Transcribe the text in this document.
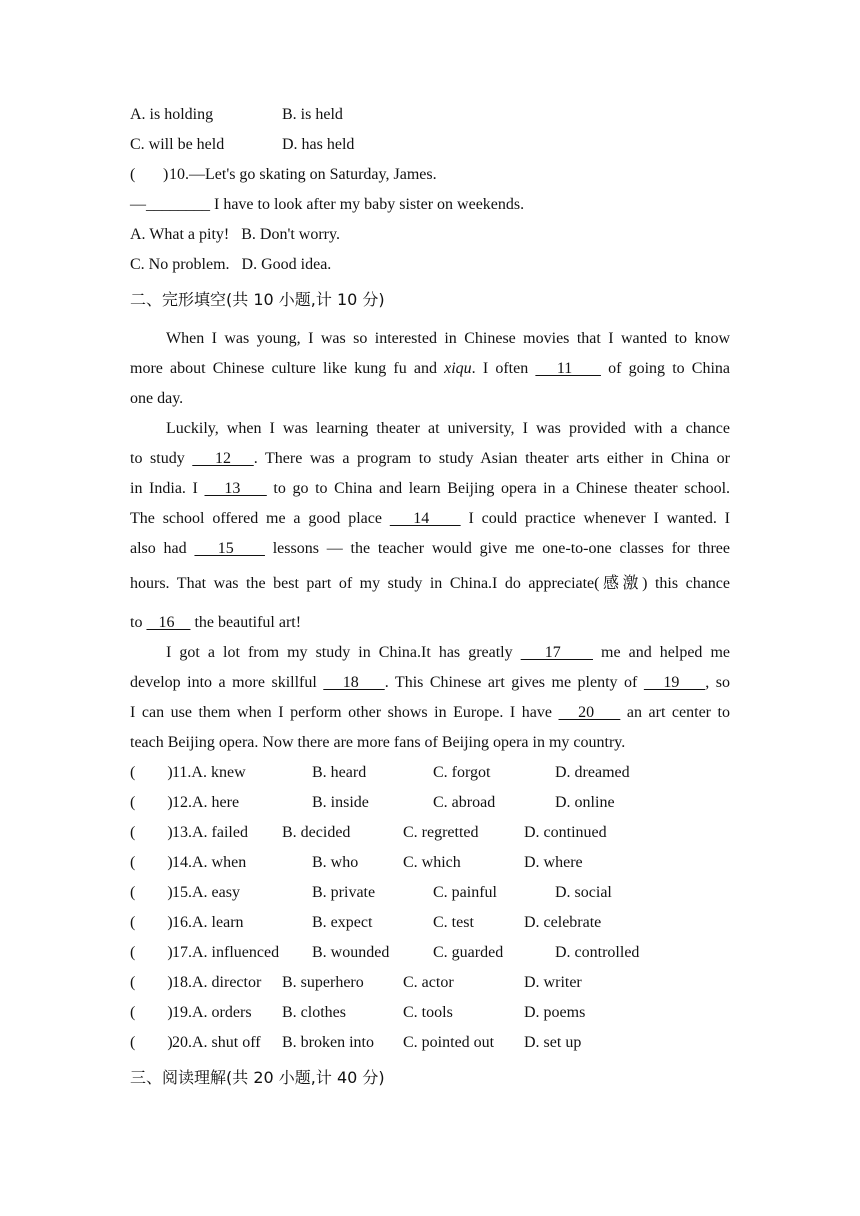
A. is holding	B. is held
C. will be held	D. has held
( ) 10.—Let's go skating on Saturday, James.
—________ I have to look after my baby sister on weekends.
A. What a pity!   B. Don't worry.
C. No problem.   D. Good idea.
二、完形填空(共 10 小题,计 10 分)
When I was young, I was so interested in Chinese movies that I wanted to know
more about Chinese culture like kung fu and xiqu. I often    11     of going to China
one day.
Luckily, when I was learning theater at university, I was provided with a chance
to study    12   . There was a program to study Asian theater arts either in China or
in India. I    13     to go to China and learn Beijing opera in a Chinese theater school.
The school offered me a good place    14     I could practice whenever I wanted. I
also had    15     lessons — the teacher would give me one-to-one classes for three
hours. That was the best part of my study in China.I do appreciate(感激) this chance
to    16     the beautiful art!
I got a lot from my study in China.It has greatly    17     me and helped me
develop into a more skillful    18    . This Chinese art gives me plenty of    19    , so
I can use them when I perform other shows in Europe. I have    20     an art center to
teach Beijing opera. Now there are more fans of Beijing opera in my country.
(        ) 11.A. knew	B. heard	C. forgot	D. dreamed
(        ) 12.A. here	B. inside	C. abroad	D. online
(        ) 13.A. failed B. decided	C. regretted	D. continued
(        ) 14.A. when	B. who	C. which	D. where
(        ) 15.A. easy	B. private	C. painful	D. social
(        ) 16.A. learn	B. expect	C. test	D. celebrate
(        ) 17.A. influenced B. wounded	C. guarded	D. controlled
(        ) 18.A. director B. superhero C. actor	D. writer
(        ) 19.A. orders B. clothes	C. tools	D. poems
(        ) 20.A. shut off B. broken into C. pointed out D. set up
三、阅读理解(共 20 小题,计 40 分)
